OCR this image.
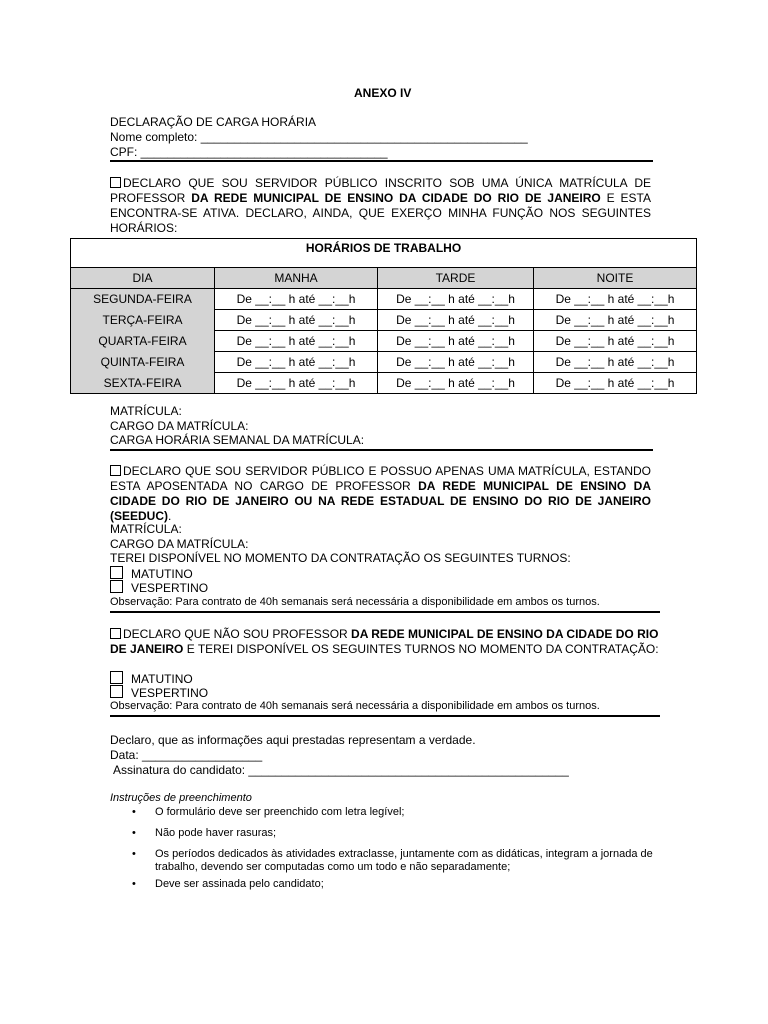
ANEXO IV
DECLARAÇÃO DE CARGA HORÁRIA
Nome completo: _________________________________________________
CPF: _____________________________________
DECLARO QUE SOU SERVIDOR PÚBLICO INSCRITO SOB UMA ÚNICA MATRÍCULA DE PROFESSOR DA REDE MUNICIPAL DE ENSINO DA CIDADE DO RIO DE JANEIRO E ESTA ENCONTRA-SE ATIVA. DECLARO, AINDA, QUE EXERÇO MINHA FUNÇÃO NOS SEGUINTES HORÁRIOS:
HORÁRIOS DE TRABALHO			
DIA	MANHA	TARDE	NOITE
SEGUNDA-FEIRA	De __:__ h até __:__h	De __:__ h até __:__h	De __:__ h até __:__h
TERÇA-FEIRA	De __:__ h até __:__h	De __:__ h até __:__h	De __:__ h até __:__h
QUARTA-FEIRA	De __:__ h até __:__h	De __:__ h até __:__h	De __:__ h até __:__h
QUINTA-FEIRA	De __:__ h até __:__h	De __:__ h até __:__h	De __:__ h até __:__h
SEXTA-FEIRA	De __:__ h até __:__h	De __:__ h até __:__h	De __:__ h até __:__h
MATRÍCULA:
CARGO DA MATRÍCULA:
CARGA HORÁRIA SEMANAL DA MATRÍCULA:
DECLARO QUE SOU SERVIDOR PÚBLICO E POSSUO APENAS UMA MATRÍCULA, ESTANDO ESTA APOSENTADA NO CARGO DE PROFESSOR DA REDE MUNICIPAL DE ENSINO DA CIDADE DO RIO DE JANEIRO OU NA REDE ESTADUAL DE ENSINO DO RIO DE JANEIRO (SEEDUC).
MATRÍCULA:
CARGO DA MATRÍCULA:
TEREI DISPONÍVEL NO MOMENTO DA CONTRATAÇÃO OS SEGUINTES TURNOS:
MATUTINO
VESPERTINO
Observação: Para contrato de 40h semanais será necessária a disponibilidade em ambos os turnos.
DECLARO QUE NÃO SOU PROFESSOR DA REDE MUNICIPAL DE ENSINO DA CIDADE DO RIO DE JANEIRO E TEREI DISPONÍVEL OS SEGUINTES TURNOS NO MOMENTO DA CONTRATAÇÃO:
MATUTINO
VESPERTINO
Observação: Para contrato de 40h semanais será necessária a disponibilidade em ambos os turnos.
Declaro, que as informações aqui prestadas representam a verdade.
Data: __________________
Assinatura do candidato: ________________________________________________
Instruções de preenchimento
• O formulário deve ser preenchido com letra legível;
• Não pode haver rasuras;
• Os períodos dedicados às atividades extraclasse, juntamente com as didáticas, integram a jornada de trabalho, devendo ser computadas como um todo e não separadamente;
• Deve ser assinada pelo candidato;
